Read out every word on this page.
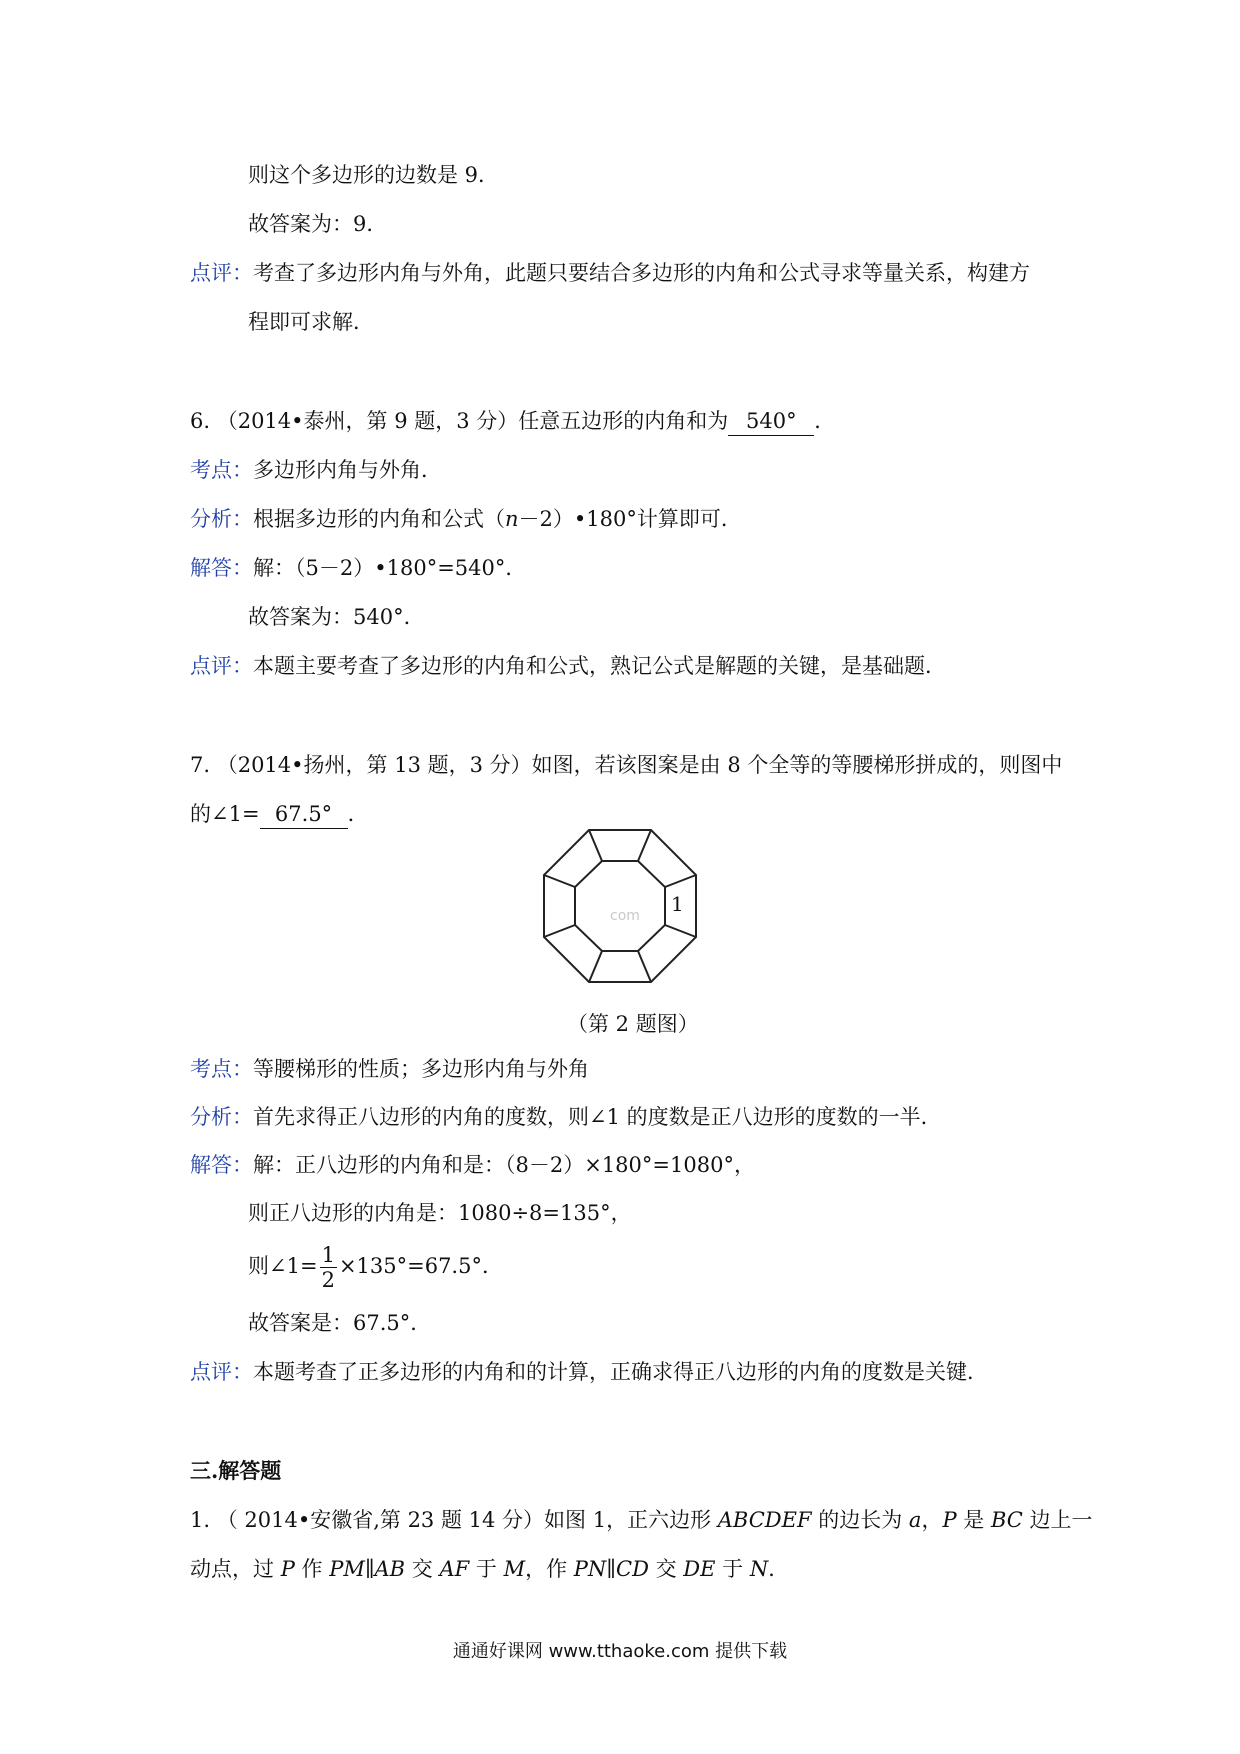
则这个多边形的边数是 9．
故答案为：9．
点评：考查了多边形内角与外角，此题只要结合多边形的内角和公式寻求等量关系，构建方
程即可求解．
6. （2014•泰州，第 9 题，3 分）任意五边形的内角和为 540° ．
考点：多边形内角与外角．
分析：根据多边形的内角和公式（n－2）•180°计算即可．
解答：解：（5－2）•180°=540°．
故答案为：540°．
点评：本题主要考查了多边形的内角和公式，熟记公式是解题的关键，是基础题．
7. （2014•扬州，第 13 题，3 分）如图，若该图案是由 8 个全等的等腰梯形拼成的，则图中
的∠1= 67.5° ．
1
com
（第 2 题图）
考点：等腰梯形的性质；多边形内角与外角
分析：首先求得正八边形的内角的度数，则∠1 的度数是正八边形的度数的一半．
解答：解：正八边形的内角和是：（8－2）×180°=1080°，
则正八边形的内角是：1080÷8=135°，
则∠1= $\frac{1}{2} \times 135^\circ=67.5^\circ$．
故答案是：67.5°．
点评：本题考查了正多边形的内角和的计算，正确求得正八边形的内角的度数是关键．
三.解答题
1. （ 2014•安徽省,第 23 题 14 分）如图 1，正六边形 ABCDEF 的边长为 a，P 是 BC 边上一
动点，过 P 作 PM∥AB 交 AF 于 M，作 PN∥CD 交 DE 于 N．
通通好课网 www.tthaoke.com 提供下载
